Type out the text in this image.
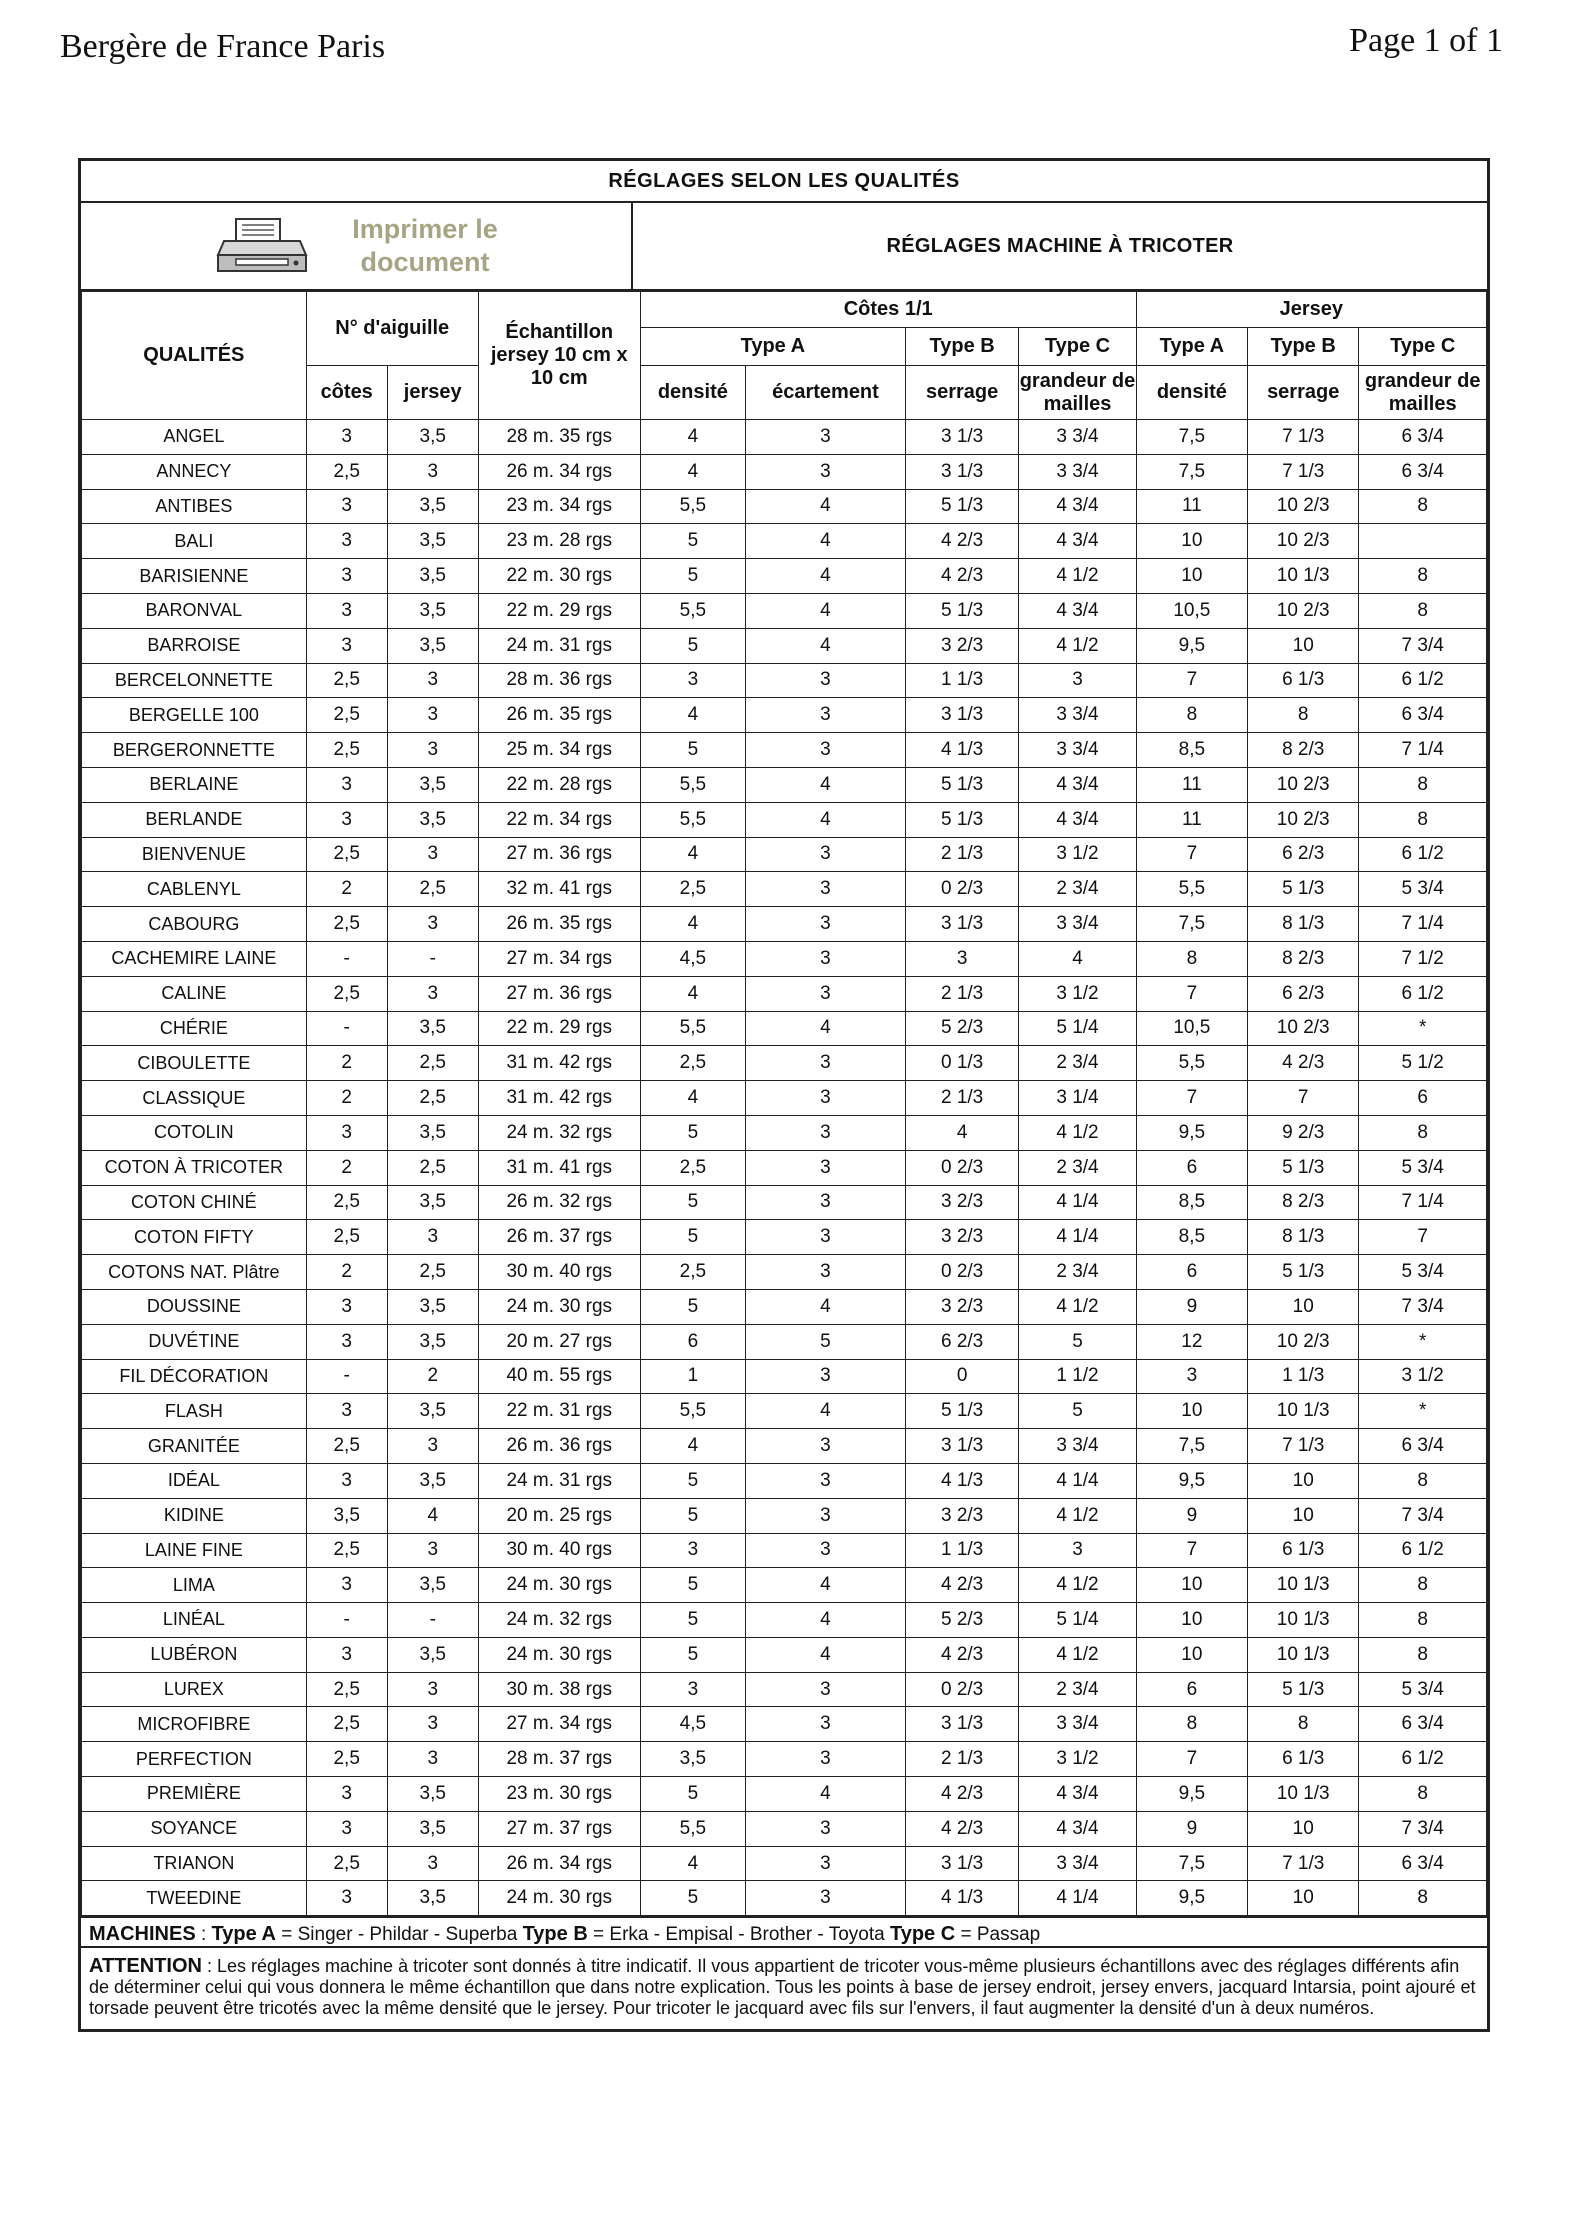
Bergère de France Paris	Page 1 of 1
RÉGLAGES SELON LES QUALITÉS
Imprimer le
document
RÉGLAGES MACHINE À TRICOTER
QUALITÉS	N° d'aiguille		Échantillon jersey 10 cm x 10 cm	Côtes 1/1				Jersey		
				Type A		Type B	Type C	Type A	Type B	Type C
	côtes	jersey		densité	écartement	serrage	grandeur de mailles	densité	serrage	grandeur de mailles
ANGEL	3	3,5	28 m. 35 rgs	4	3	3 1/3	3 3/4	7,5	7 1/3	6 3/4
ANNECY	2,5	3	26 m. 34 rgs	4	3	3 1/3	3 3/4	7,5	7 1/3	6 3/4
ANTIBES	3	3,5	23 m. 34 rgs	5,5	4	5 1/3	4 3/4	11	10 2/3	8
BALI	3	3,5	23 m. 28 rgs	5	4	4 2/3	4 3/4	10	10 2/3	
BARISIENNE	3	3,5	22 m. 30 rgs	5	4	4 2/3	4 1/2	10	10 1/3	8
BARONVAL	3	3,5	22 m. 29 rgs	5,5	4	5 1/3	4 3/4	10,5	10 2/3	8
BARROISE	3	3,5	24 m. 31 rgs	5	4	3 2/3	4 1/2	9,5	10	7 3/4
BERCELONNETTE	2,5	3	28 m. 36 rgs	3	3	1 1/3	3	7	6 1/3	6 1/2
BERGELLE 100	2,5	3	26 m. 35 rgs	4	3	3 1/3	3 3/4	8	8	6 3/4
BERGERONNETTE	2,5	3	25 m. 34 rgs	5	3	4 1/3	3 3/4	8,5	8 2/3	7 1/4
BERLAINE	3	3,5	22 m. 28 rgs	5,5	4	5 1/3	4 3/4	11	10 2/3	8
BERLANDE	3	3,5	22 m. 34 rgs	5,5	4	5 1/3	4 3/4	11	10 2/3	8
BIENVENUE	2,5	3	27 m. 36 rgs	4	3	2 1/3	3 1/2	7	6 2/3	6 1/2
CABLENYL	2	2,5	32 m. 41 rgs	2,5	3	0 2/3	2 3/4	5,5	5 1/3	5 3/4
CABOURG	2,5	3	26 m. 35 rgs	4	3	3 1/3	3 3/4	7,5	8 1/3	7 1/4
CACHEMIRE LAINE	-	-	27 m. 34 rgs	4,5	3	3	4	8	8 2/3	7 1/2
CALINE	2,5	3	27 m. 36 rgs	4	3	2 1/3	3 1/2	7	6 2/3	6 1/2
CHÉRIE	-	3,5	22 m. 29 rgs	5,5	4	5 2/3	5 1/4	10,5	10 2/3	*
CIBOULETTE	2	2,5	31 m. 42 rgs	2,5	3	0 1/3	2 3/4	5,5	4 2/3	5 1/2
CLASSIQUE	2	2,5	31 m. 42 rgs	4	3	2 1/3	3 1/4	7	7	6
COTOLIN	3	3,5	24 m. 32 rgs	5	3	4	4 1/2	9,5	9 2/3	8
COTON À TRICOTER	2	2,5	31 m. 41 rgs	2,5	3	0 2/3	2 3/4	6	5 1/3	5 3/4
COTON CHINÉ	2,5	3,5	26 m. 32 rgs	5	3	3 2/3	4 1/4	8,5	8 2/3	7 1/4
COTON FIFTY	2,5	3	26 m. 37 rgs	5	3	3 2/3	4 1/4	8,5	8 1/3	7
COTONS NAT. Plâtre	2	2,5	30 m. 40 rgs	2,5	3	0 2/3	2 3/4	6	5 1/3	5 3/4
DOUSSINE	3	3,5	24 m. 30 rgs	5	4	3 2/3	4 1/2	9	10	7 3/4
DUVÉTINE	3	3,5	20 m. 27 rgs	6	5	6 2/3	5	12	10 2/3	*
FIL DÉCORATION	-	2	40 m. 55 rgs	1	3	0	1 1/2	3	1 1/3	3 1/2
FLASH	3	3,5	22 m. 31 rgs	5,5	4	5 1/3	5	10	10 1/3	*
GRANITÉE	2,5	3	26 m. 36 rgs	4	3	3 1/3	3 3/4	7,5	7 1/3	6 3/4
IDÉAL	3	3,5	24 m. 31 rgs	5	3	4 1/3	4 1/4	9,5	10	8
KIDINE	3,5	4	20 m. 25 rgs	5	3	3 2/3	4 1/2	9	10	7 3/4
LAINE FINE	2,5	3	30 m. 40 rgs	3	3	1 1/3	3	7	6 1/3	6 1/2
LIMA	3	3,5	24 m. 30 rgs	5	4	4 2/3	4 1/2	10	10 1/3	8
LINÉAL	-	-	24 m. 32 rgs	5	4	5 2/3	5 1/4	10	10 1/3	8
LUBÉRON	3	3,5	24 m. 30 rgs	5	4	4 2/3	4 1/2	10	10 1/3	8
LUREX	2,5	3	30 m. 38 rgs	3	3	0 2/3	2 3/4	6	5 1/3	5 3/4
MICROFIBRE	2,5	3	27 m. 34 rgs	4,5	3	3 1/3	3 3/4	8	8	6 3/4
PERFECTION	2,5	3	28 m. 37 rgs	3,5	3	2 1/3	3 1/2	7	6 1/3	6 1/2
PREMIÈRE	3	3,5	23 m. 30 rgs	5	4	4 2/3	4 3/4	9,5	10 1/3	8
SOYANCE	3	3,5	27 m. 37 rgs	5,5	3	4 2/3	4 3/4	9	10	7 3/4
TRIANON	2,5	3	26 m. 34 rgs	4	3	3 1/3	3 3/4	7,5	7 1/3	6 3/4
TWEEDINE	3	3,5	24 m. 30 rgs	5	3	4 1/3	4 1/4	9,5	10	8
MACHINES : Type A = Singer - Phildar - Superba Type B = Erka - Empisal - Brother - Toyota Type C = Passap
ATTENTION : Les réglages machine à tricoter sont donnés à titre indicatif. Il vous appartient de tricoter vous-même plusieurs échantillons avec des réglages différents afin de déterminer celui qui vous donnera le même échantillon que dans notre explication. Tous les points à base de jersey endroit, jersey envers, jacquard Intarsia, point ajouré et torsade peuvent être tricotés avec la même densité que le jersey. Pour tricoter le jacquard avec fils sur l'envers, il faut augmenter la densité d'un à deux numéros.
